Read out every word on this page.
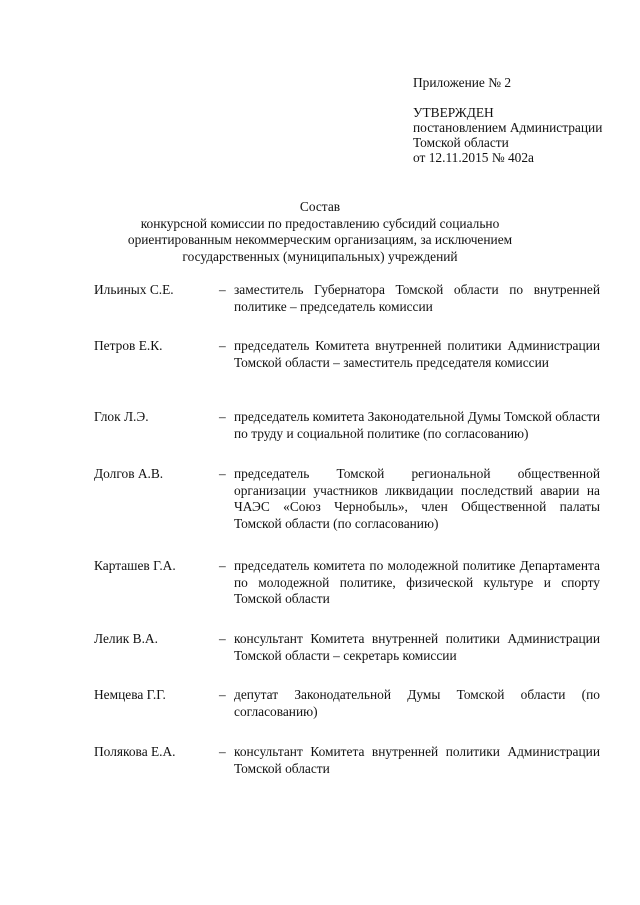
Приложение № 2
УТВЕРЖДЕН
постановлением Администрации
Томской области
от 12.11.2015 № 402а
Состав
конкурсной комиссии по предоставлению субсидий социально
ориентированным некоммерческим организациям, за исключением
государственных (муниципальных) учреждений
Ильиных С.Е.	– заместитель Губернатора Томской области по внутренней политике – председатель комиссии
Петров Е.К.	– председатель Комитета внутренней политики Администрации Томской области – заместитель председателя комиссии
Глок Л.Э.	– председатель комитета Законодательной Думы Томской области по труду и социальной политике (по согласованию)
Долгов А.В.	– председатель Томской региональной общественной организации участников ликвидации последствий аварии на ЧАЭС «Союз Чернобыль», член Общественной палаты Томской области (по согласованию)
Карташев Г.А.	– председатель комитета по молодежной политике Департамента по молодежной политике, физической культуре и спорту Томской области
Лелик В.А.	– консультант Комитета внутренней политики Администрации Томской области – секретарь комиссии
Немцева Г.Г.	– депутат Законодательной Думы Томской области (по согласованию)
Полякова Е.А.	– консультант Комитета внутренней политики Администрации Томской области
